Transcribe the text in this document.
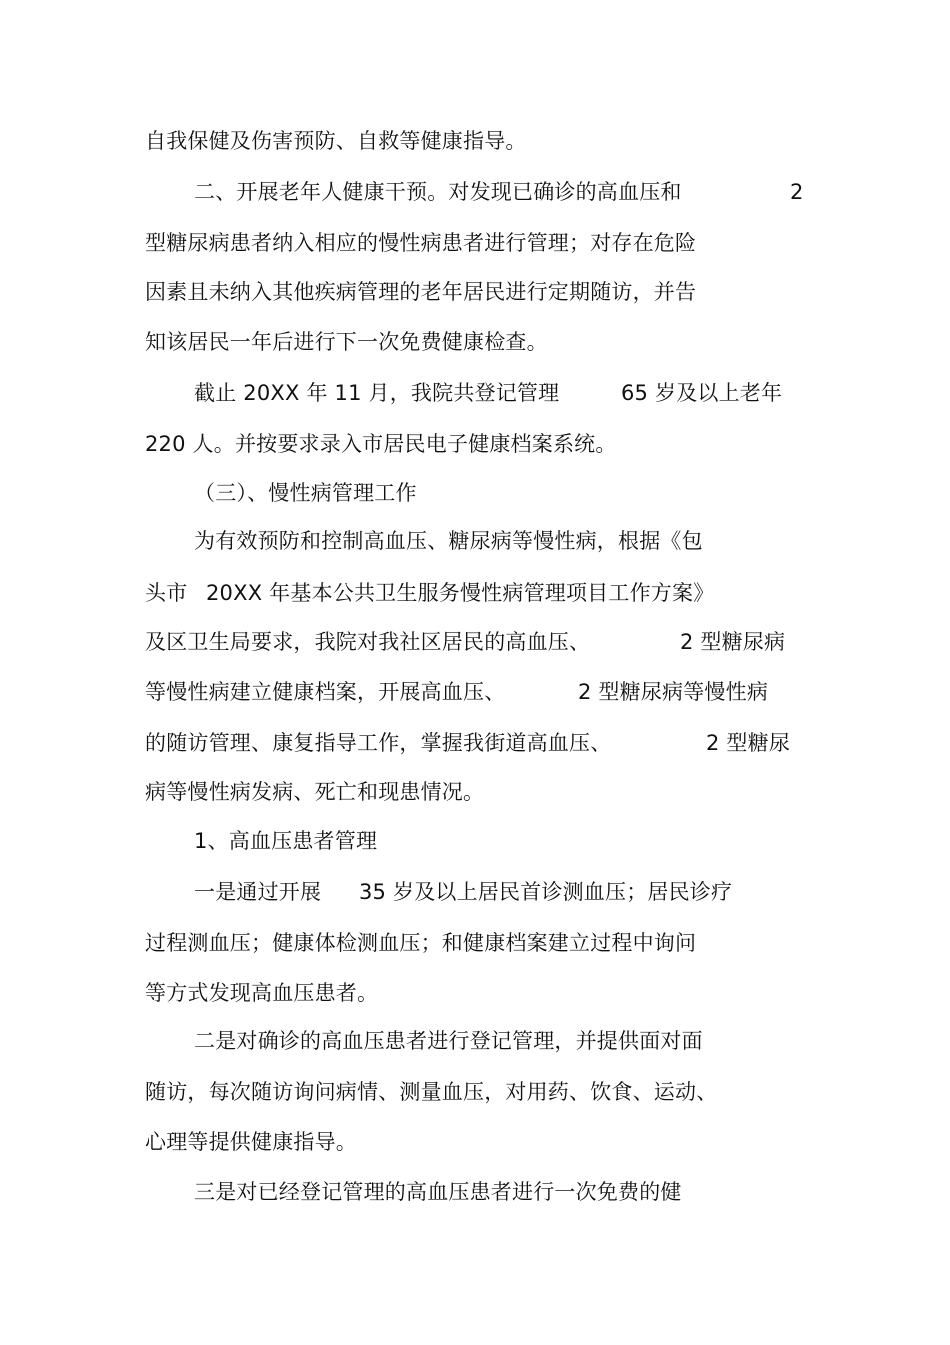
自我保健及伤害预防、自救等健康指导。

二、开展老年人健康干预。对发现已确诊的高血压和	2

型糖尿病患者纳入相应的慢性病患者进行管理；对存在危险

因素且未纳入其他疾病管理的老年居民进行定期随访，并告

知该居民一年后进行下一次免费健康检查。

截止 20XX 年 11 月，我院共登记管理	65 岁及以上老年

220 人。并按要求录入市居民电子健康档案系统。

（三）、慢性病管理工作

为有效预防和控制高血压、糖尿病等慢性病，根据《包

头市 20XX 年基本公共卫生服务慢性病管理项目工作方案》

及区卫生局要求，我院对我社区居民的高血压、	2 型糖尿病

等慢性病建立健康档案，开展高血压、	2 型糖尿病等慢性病

的随访管理、康复指导工作，掌握我街道高血压、	2 型糖尿

病等慢性病发病、死亡和现患情况。

1、高血压患者管理

一是通过开展 35 岁及以上居民首诊测血压；居民诊疗

过程测血压；健康体检测血压；和健康档案建立过程中询问

等方式发现高血压患者。

二是对确诊的高血压患者进行登记管理，并提供面对面

随访，每次随访询问病情、测量血压，对用药、饮食、运动、

心理等提供健康指导。

三是对已经登记管理的高血压患者进行一次免费的健
